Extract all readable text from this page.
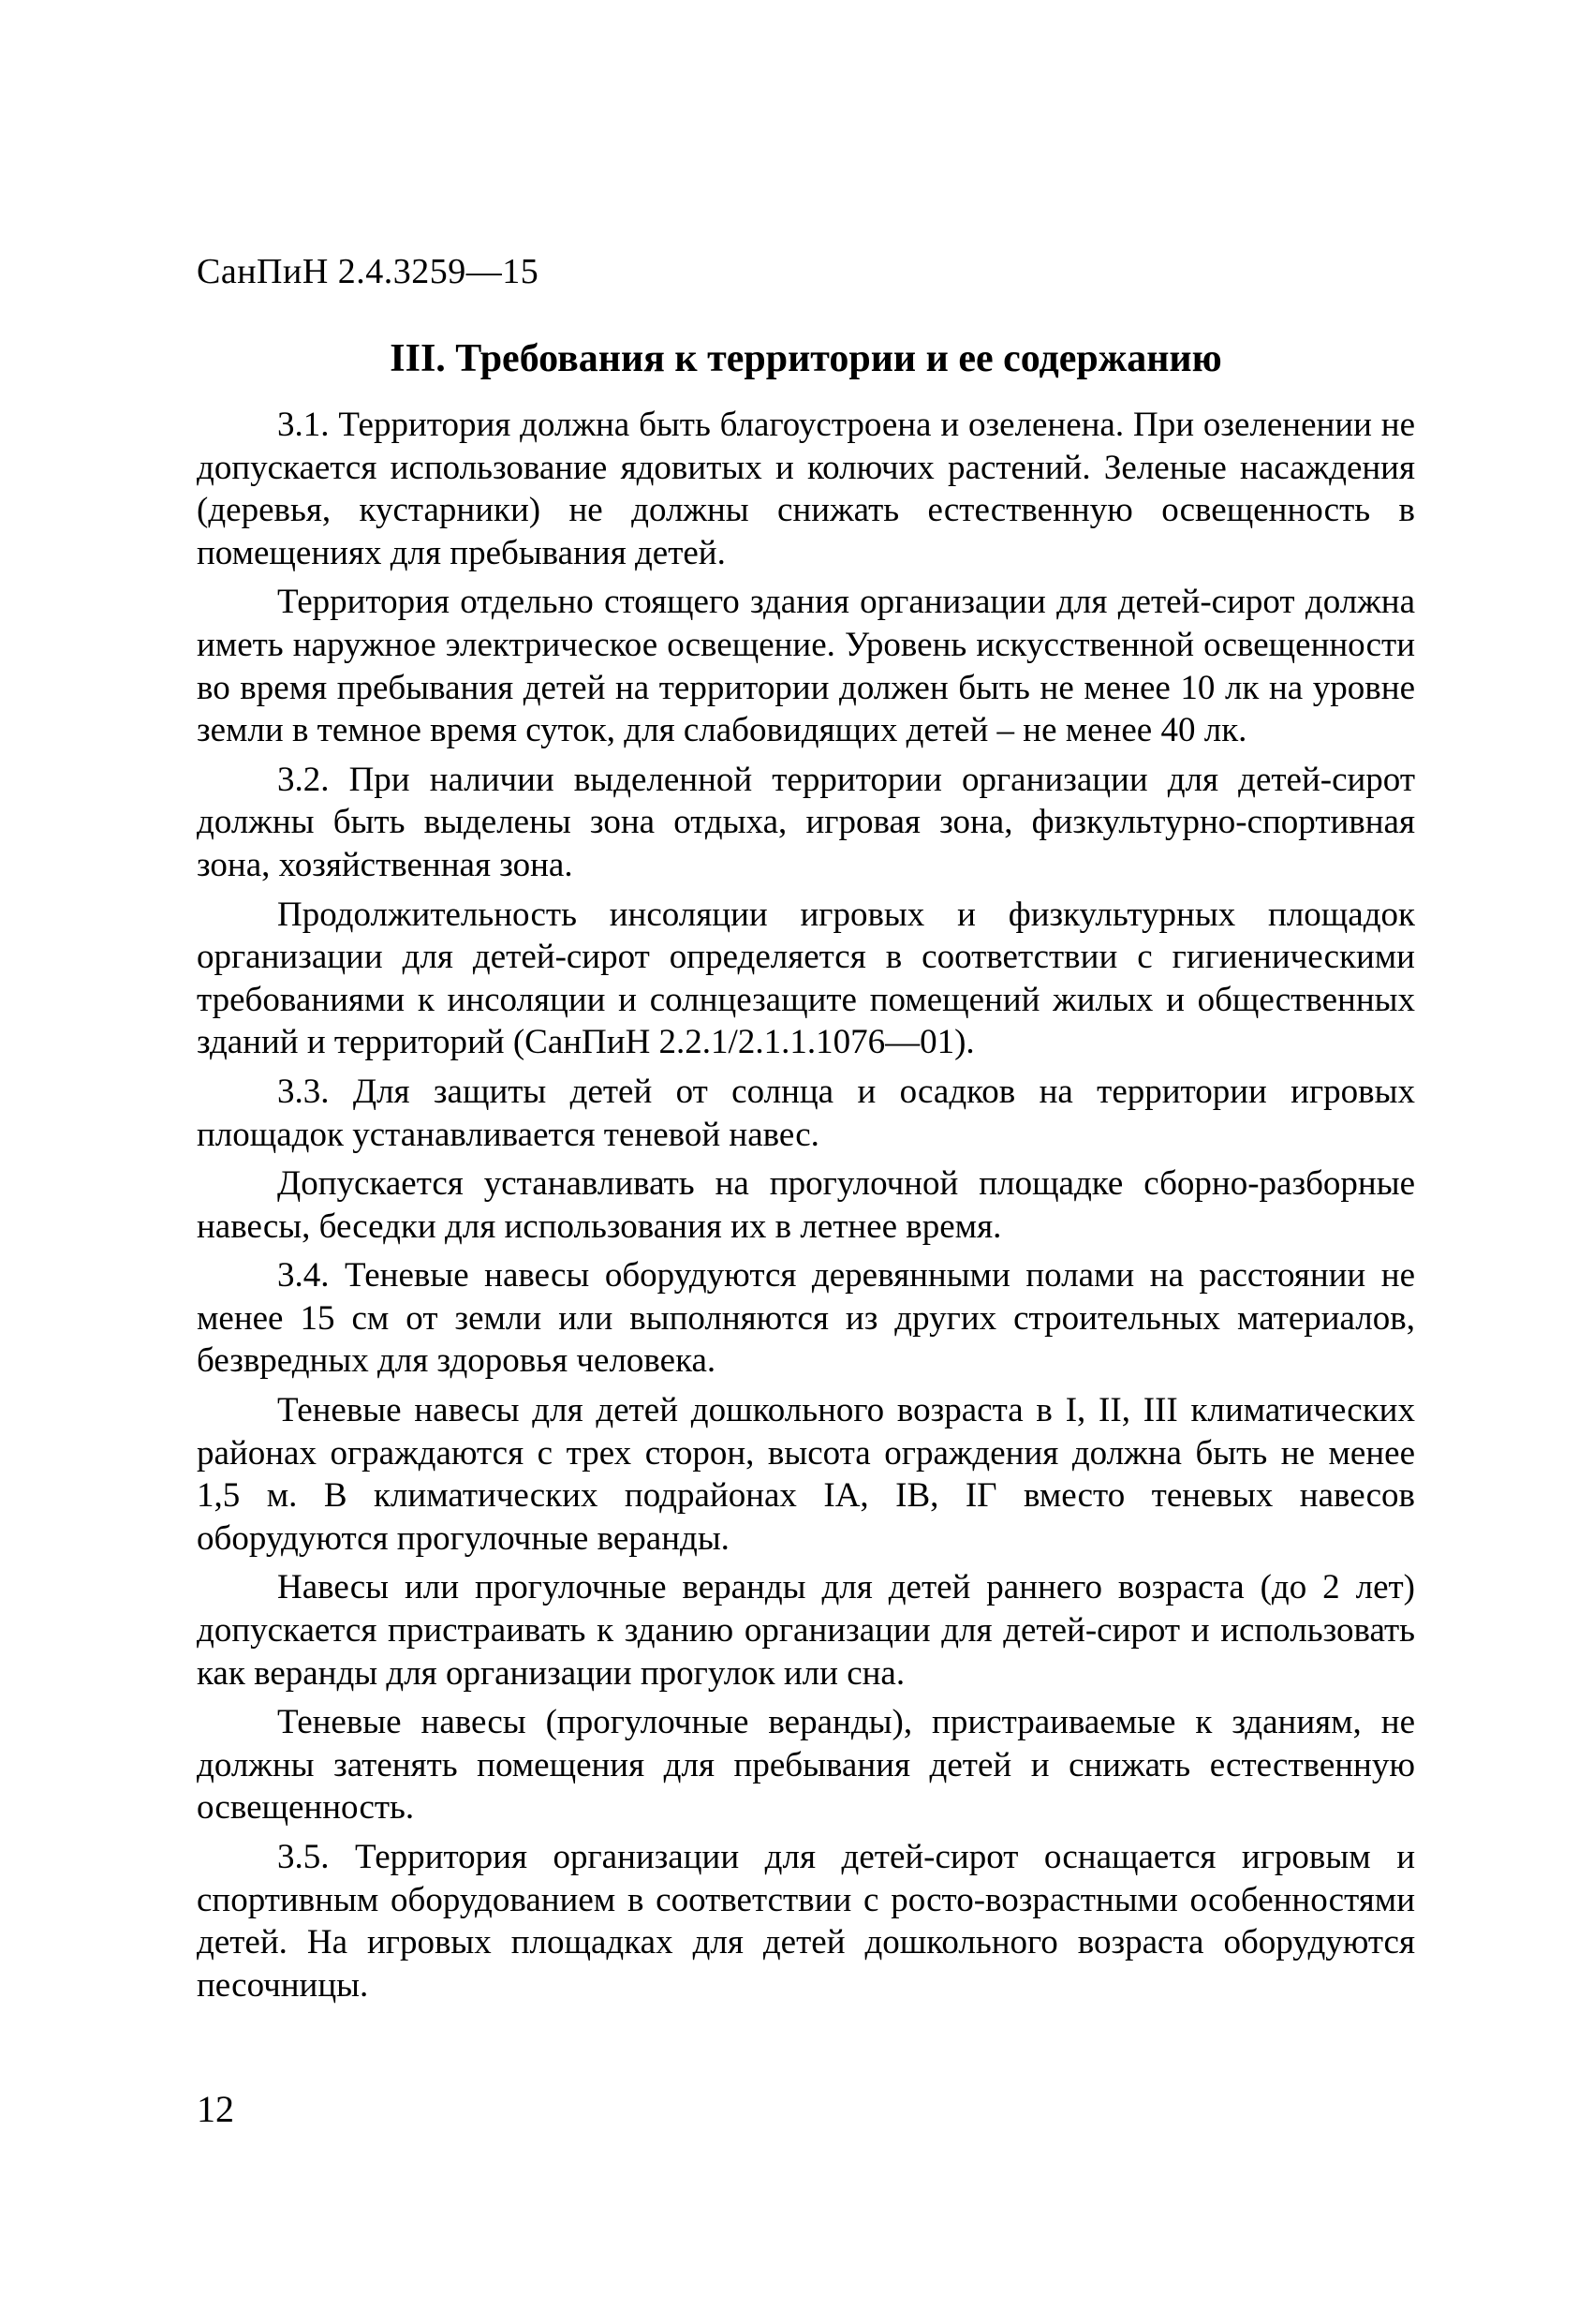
СанПиН 2.4.3259—15
III. Требования к территории и ее содержанию

3.1. Территория должна быть благоустроена и озеленена. При озеленении не допускается использование ядовитых и колючих растений. Зеленые насаждения (деревья, кустарники) не должны снижать естественную освещенность в помещениях для пребывания детей.

Территория отдельно стоящего здания организации для детей-сирот должна иметь наружное электрическое освещение. Уровень искусственной освещенности во время пребывания детей на территории должен быть не менее 10 лк на уровне земли в темное время суток, для слабовидящих детей – не менее 40 лк.

3.2. При наличии выделенной территории организации для детей-сирот должны быть выделены зона отдыха, игровая зона, физкультурно-спортивная зона, хозяйственная зона.

Продолжительность инсоляции игровых и физкультурных площадок организации для детей-сирот определяется в соответствии с гигиеническими требованиями к инсоляции и солнцезащите помещений жилых и общественных зданий и территорий (СанПиН 2.2.1/2.1.1.1076—01).

3.3. Для защиты детей от солнца и осадков на территории игровых площадок устанавливается теневой навес.

Допускается устанавливать на прогулочной площадке сборно-разборные навесы, беседки для использования их в летнее время.

3.4. Теневые навесы оборудуются деревянными полами на расстоянии не менее 15 см от земли или выполняются из других строительных материалов, безвредных для здоровья человека.

Теневые навесы для детей дошкольного возраста в I, II, III климатических районах ограждаются с трех сторон, высота ограждения должна быть не менее 1,5 м. В климатических подрайонах IA, IB, IГ вместо теневых навесов оборудуются прогулочные веранды.

Навесы или прогулочные веранды для детей раннего возраста (до 2 лет) допускается пристраивать к зданию организации для детей-сирот и использовать как веранды для организации прогулок или сна.

Теневые навесы (прогулочные веранды), пристраиваемые к зданиям, не должны затенять помещения для пребывания детей и снижать естественную освещенность.

3.5. Территория организации для детей-сирот оснащается игровым и спортивным оборудованием в соответствии с росто-возрастными особенностями детей. На игровых площадках для детей дошкольного возраста оборудуются песочницы.

12
